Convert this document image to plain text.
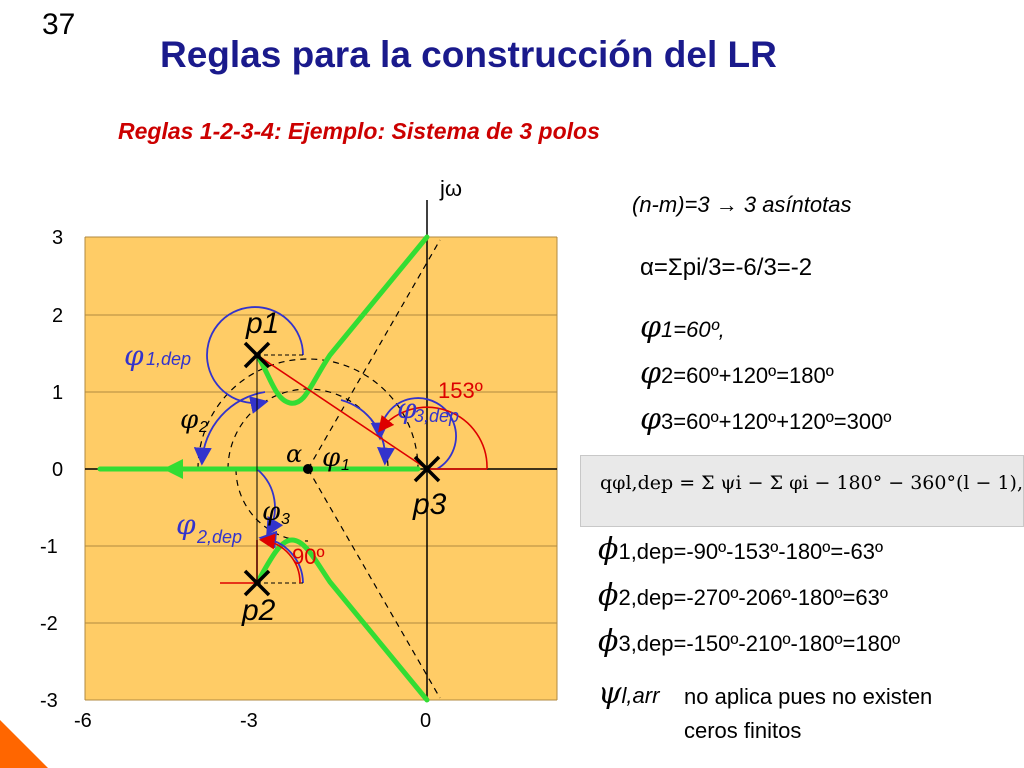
37
Reglas para la construcción del LR
Reglas 1-2-3-4: Ejemplo: Sistema de 3 polos
3
2
1
0
-1
-2
-3
-6	-3	0
jω
p1
p2
p3
φ 1,dep
φ
3,dep
φ 2,dep
φ 2
φ 1
φ 3
α
153º
90º
(n-m)=3 → 3 asíntotas
α=Σpi/3=-6/3=-2
φ1=60º,
φ2=60º+120º=180º
φ3=60º+120º+120º=300º
qφl,dep = Σ ψi − Σ φi − 180° − 360°(l − 1),
ϕ1,dep=-90º-153º-180º=-63º
ϕ2,dep=-270º-206º-180º=63º
ϕ3,dep=-150º-210º-180º=180º
ψl,arr no aplica pues no existen
ceros finitos
